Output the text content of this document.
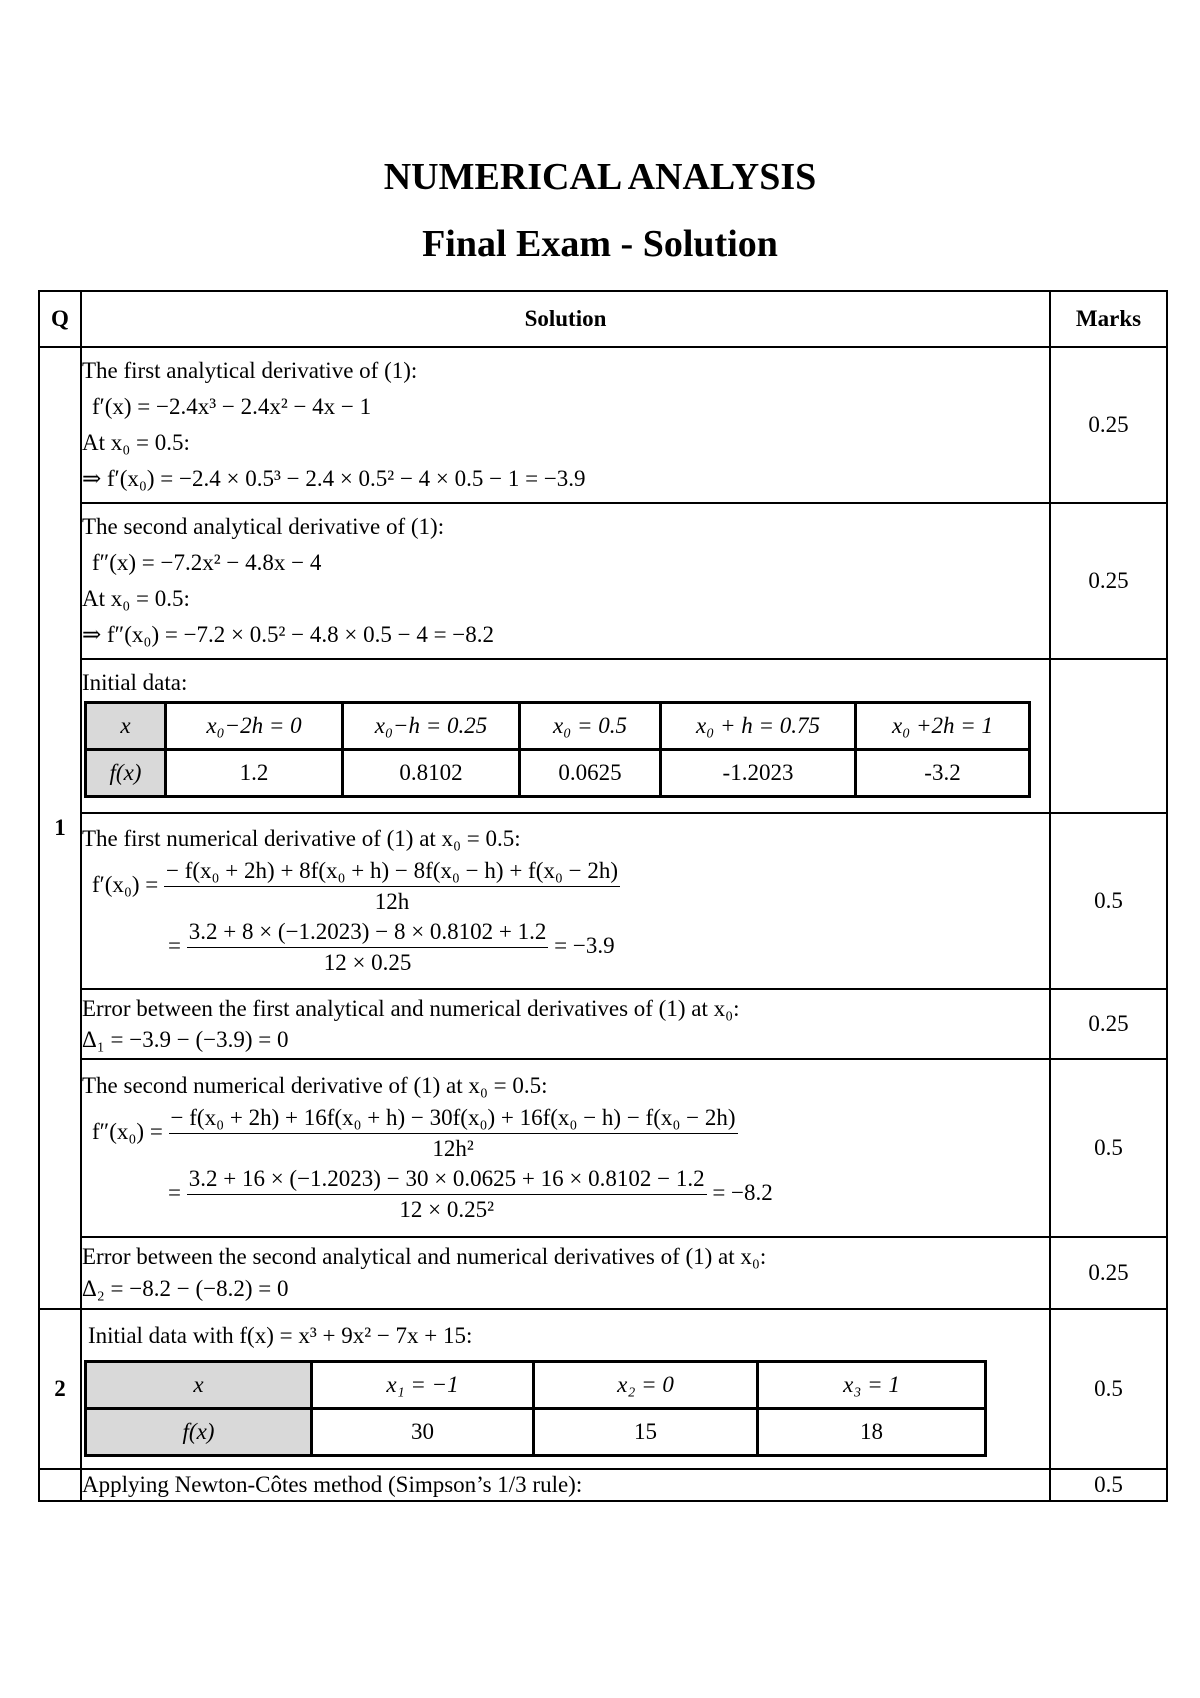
NUMERICAL ANALYSIS
Final Exam - Solution
Q	Solution	Marks
1	
The first analytical derivative of (1):
f′(x) = −2.4x³ − 2.4x² − 4x − 1
At x₀ = 0.5:
⇒ f′(x₀) = −2.4 × 0.5³ − 2.4 × 0.5² − 4 × 0.5 − 1 = −3.9
	0.25

The second analytical derivative of (1):
f″(x) = −7.2x² − 4.8x − 4
At x₀ = 0.5:
⇒ f″(x₀) = −7.2 × 0.5² − 4.8 × 0.5 − 4 = −8.2
	0.25

Initial data:
x	x₀−2h = 0	x₀−h = 0.25	x₀ = 0.5	x₀ + h = 0.75	x₀ +2h = 1
f(x)	1.2	0.8102	0.0625	-1.2023	-3.2

The first numerical derivative of (1) at x₀ = 0.5:
$f'(x_0) = \frac{\text{− f(x₀ + 2h) + 8f(x₀ + h) − 8f(x₀ − h) + f(x₀ − 2h)}}{12h}$
= $\frac{3.2 + 8 \times (-1.2023) - 8 \times 0.8102 + 1.2}{12 \times 0.25} = -3.9$
	0.5

Error between the first analytical and numerical derivatives of (1) at x₀:
Δ₁ = −3.9 − (−3.9) = 0
	0.25

The second numerical derivative of (1) at x₀ = 0.5:
f″(x₀) =
− f(x₀ + 2h) + 16f(x₀ + h) − 30f(x₀) + 16f(x₀ − h) − f(x₀ − 2h)
12h²
= $\frac{3.2 + 16 \times (-1.2023) - 30 \times 0.0625 + 16 \times 0.8102 - 1.2}{\text{12 × 0.25²}} = -8.2$
	0.5

Error between the second analytical and numerical derivatives of (1) at x₀:
Δ₂ = −8.2 − (−8.2) = 0
	0.25
2	
Initial data with f(x) = x³ + 9x² − 7x + 15:
x	x₁ = −1	x₂ = 0	x₃ = 1
f(x)	30	15	18
	0.5

Applying Newton-Côtes method (Simpson’s 1/3 rule):	0.5
